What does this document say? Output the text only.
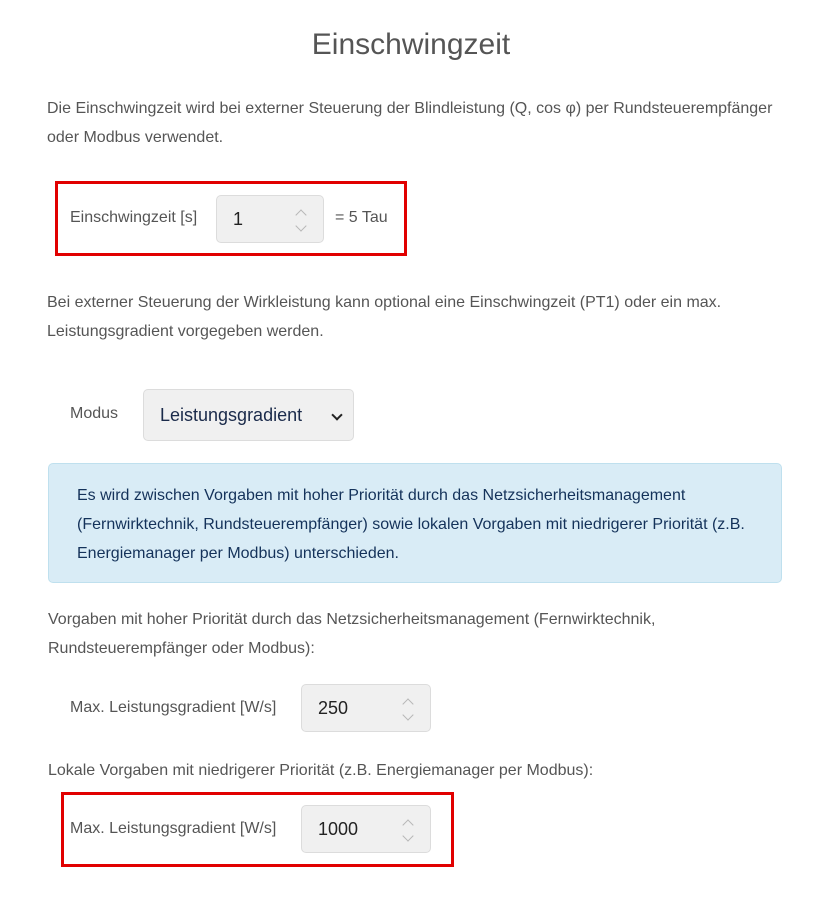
Einschwingzeit
Die Einschwingzeit wird bei externer Steuerung der Blindleistung (Q, cos φ) per Rundsteuerempfänger oder Modbus verwendet.
Einschwingzeit [s] 1	= 5 Tau
Bei externer Steuerung der Wirkleistung kann optional eine Einschwingzeit (PT1) oder ein max. Leistungsgradient vorgegeben werden.
Modus Leistungsgradient
Es wird zwischen Vorgaben mit hoher Priorität durch das Netzsicherheitsmanagement (Fernwirktechnik, Rundsteuerempfänger) sowie lokalen Vorgaben mit niedrigerer Priorität (z.B. Energiemanager per Modbus) unterschieden.
Vorgaben mit hoher Priorität durch das Netzsicherheitsmanagement (Fernwirktechnik, Rundsteuerempfänger oder Modbus):
Max. Leistungsgradient [W/s] 250
Lokale Vorgaben mit niedrigerer Priorität (z.B. Energiemanager per Modbus):
Max. Leistungsgradient [W/s] 1000
